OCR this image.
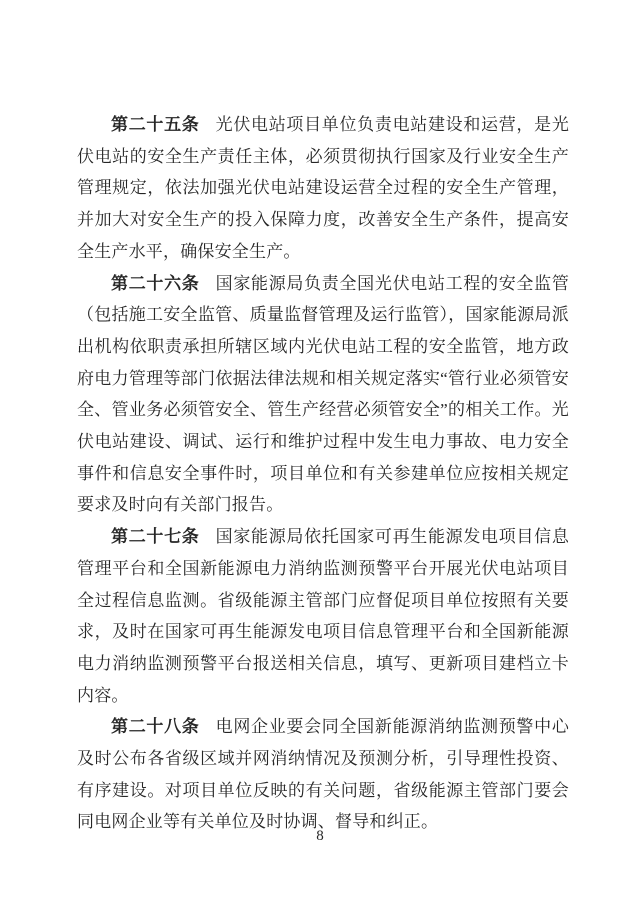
第二十五条 光伏电站项目单位负责电站建设和运营，是光伏电站的安全生产责任主体，必须贯彻执行国家及行业安全生产管理规定，依法加强光伏电站建设运营全过程的安全生产管理，并加大对安全生产的投入保障力度，改善安全生产条件，提高安全生产水平，确保安全生产。

第二十六条 国家能源局负责全国光伏电站工程的安全监管（包括施工安全监管、质量监督管理及运行监管），国家能源局派出机构依职责承担所辖区域内光伏电站工程的安全监管，地方政府电力管理等部门依据法律法规和相关规定落实“管行业必须管安全、管业务必须管安全、管生产经营必须管安全”的相关工作。光伏电站建设、调试、运行和维护过程中发生电力事故、电力安全事件和信息安全事件时，项目单位和有关参建单位应按相关规定要求及时向有关部门报告。

第二十七条 国家能源局依托国家可再生能源发电项目信息管理平台和全国新能源电力消纳监测预警平台开展光伏电站项目全过程信息监测。省级能源主管部门应督促项目单位按照有关要求，及时在国家可再生能源发电项目信息管理平台和全国新能源电力消纳监测预警平台报送相关信息，填写、更新项目建档立卡内容。

第二十八条 电网企业要会同全国新能源消纳监测预警中心及时公布各省级区域并网消纳情况及预测分析，引导理性投资、有序建设。对项目单位反映的有关问题，省级能源主管部门要会同电网企业等有关单位及时协调、督导和纠正。

8
